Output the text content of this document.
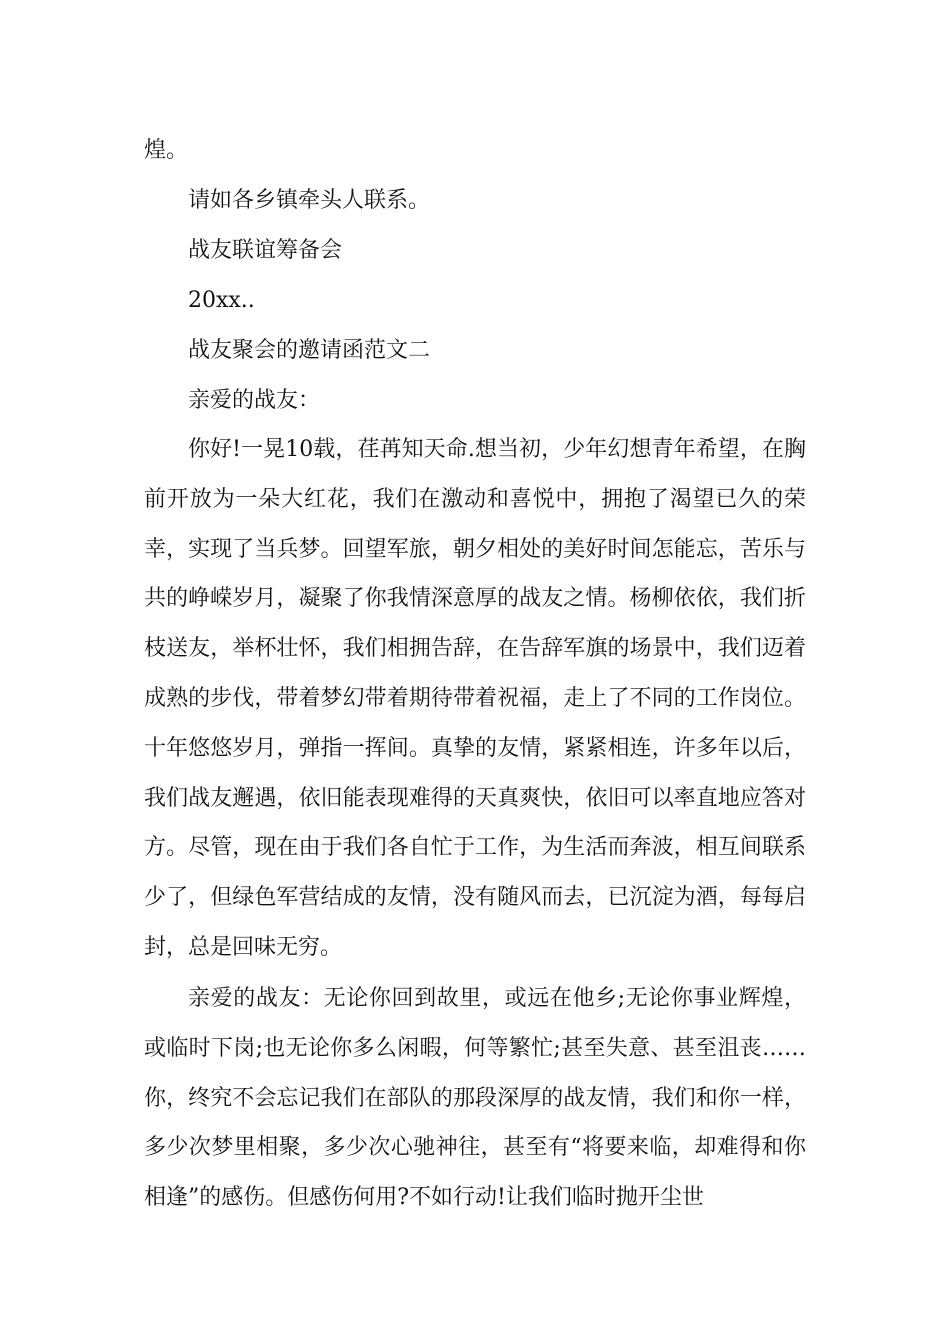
煌。
请如各乡镇牵头人联系。
战友联谊筹备会
20xx..
战友聚会的邀请函范文二
亲爱的战友：
你好!一晃10载，荏苒知天命.想当初，少年幻想青年希望，在胸前开放为一朵大红花，我们在激动和喜悦中，拥抱了渴望已久的荣幸，实现了当兵梦。回望军旅，朝夕相处的美好时间怎能忘，苦乐与共的峥嵘岁月，凝聚了你我情深意厚的战友之情。杨柳依依，我们折枝送友，举杯壮怀，我们相拥告辞，在告辞军旗的场景中，我们迈着成熟的步伐，带着梦幻带着期待带着祝福，走上了不同的工作岗位。十年悠悠岁月，弹指一挥间。真挚的友情，紧紧相连，许多年以后，我们战友邂遇，依旧能表现难得的天真爽快，依旧可以率直地应答对方。尽管，现在由于我们各自忙于工作，为生活而奔波，相互间联系少了，但绿色军营结成的友情，没有随风而去，已沉淀为酒，每每启封，总是回味无穷。
亲爱的战友：无论你回到故里，或远在他乡;无论你事业辉煌，或临时下岗;也无论你多么闲暇，何等繁忙;甚至失意、甚至沮丧……你，终究不会忘记我们在部队的那段深厚的战友情，我们和你一样，多少次梦里相聚，多少次心驰神往，甚至有“将要来临，却难得和你相逢”的感伤。但感伤何用?不如行动!让我们临时抛开尘世
